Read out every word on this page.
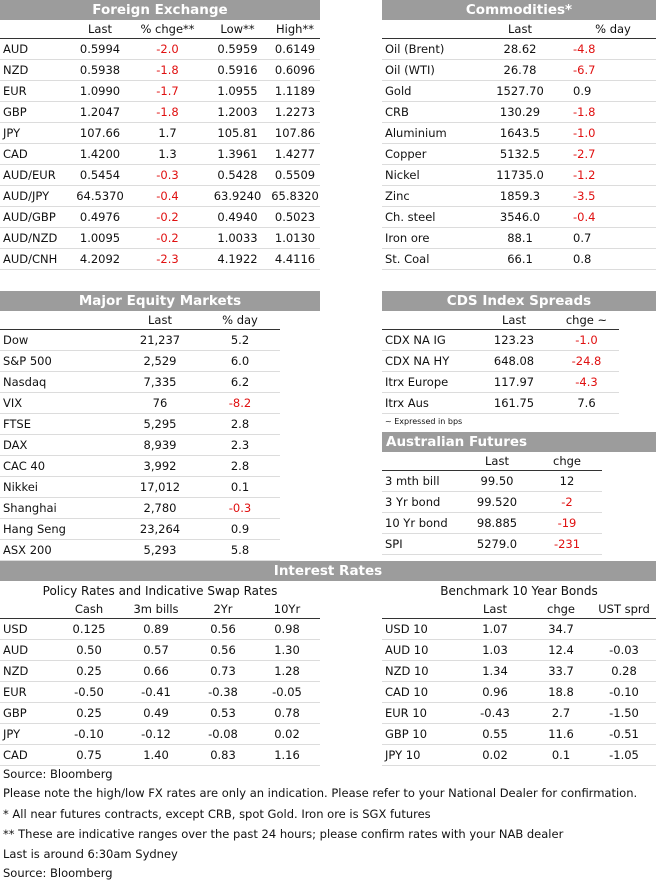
Foreign Exchange
	Last	% chge**	Low**	High**
AUD	0.5994	-2.0	0.5959	0.6149
NZD	0.5938	-1.8	0.5916	0.6096
EUR	1.0990	-1.7	1.0955	1.1189
GBP	1.2047	-1.8	1.2003	1.2273
JPY	107.66	1.7	105.81	107.86
CAD	1.4200	1.3	1.3961	1.4277
AUD/EUR	0.5454	-0.3	0.5428	0.5509
AUD/JPY	64.5370	-0.4	63.9240	65.8320
AUD/GBP	0.4976	-0.2	0.4940	0.5023
AUD/NZD	1.0095	-0.2	1.0033	1.0130
AUD/CNH	4.2092	-2.3	4.1922	4.4116
Commodities*
	Last	% day
Oil (Brent)	28.62	-4.8
Oil (WTI)	26.78	-6.7
Gold	1527.70	0.9
CRB	130.29	-1.8
Aluminium	1643.5	-1.0
Copper	5132.5	-2.7
Nickel	11735.0	-1.2
Zinc	1859.3	-3.5
Ch. steel	3546.0	-0.4
Iron ore	88.1	0.7
St. Coal	66.1	0.8
Major Equity Markets
	Last	% day
Dow	21,237	5.2
S&P 500	2,529	6.0
Nasdaq	7,335	6.2
VIX	76	-8.2
FTSE	5,295	2.8
DAX	8,939	2.3
CAC 40	3,992	2.8
Nikkei	17,012	0.1
Shanghai	2,780	-0.3
Hang Seng	23,264	0.9
ASX 200	5,293	5.8
CDS Index Spreads
	Last	chge ~
CDX NA IG	123.23	-1.0
CDX NA HY	648.08	-24.8
Itrx Europe	117.97	-4.3
Itrx Aus	161.75	7.6
~ Expressed in bps
Australian Futures
	Last	chge
3 mth bill	99.50	12
3 Yr bond	99.520	-2
10 Yr bond	98.885	-19
SPI	5279.0	-231
Interest Rates
Policy Rates and Indicative Swap Rates
	Cash	3m bills	2Yr	10Yr
USD	0.125	0.89	0.56	0.98
AUD	0.50	0.57	0.56	1.30
NZD	0.25	0.66	0.73	1.28
EUR	-0.50	-0.41	-0.38	-0.05
GBP	0.25	0.49	0.53	0.78
JPY	-0.10	-0.12	-0.08	0.02
CAD	0.75	1.40	0.83	1.16
Benchmark 10 Year Bonds
	Last	chge	UST sprd
USD 10	1.07	34.7	
AUD 10	1.03	12.4	-0.03
NZD 10	1.34	33.7	0.28
CAD 10	0.96	18.8	-0.10
EUR 10	-0.43	2.7	-1.50
GBP 10	0.55	11.6	-0.51
JPY 10	0.02	0.1	-1.05
Source: Bloomberg
Please note the high/low FX rates are only an indication. Please refer to your National Dealer for confirmation.
* All near futures contracts, except CRB, spot Gold. Iron ore is SGX futures
** These are indicative ranges over the past 24 hours; please confirm rates with your NAB dealer
Last is around 6:30am Sydney
Source: Bloomberg
